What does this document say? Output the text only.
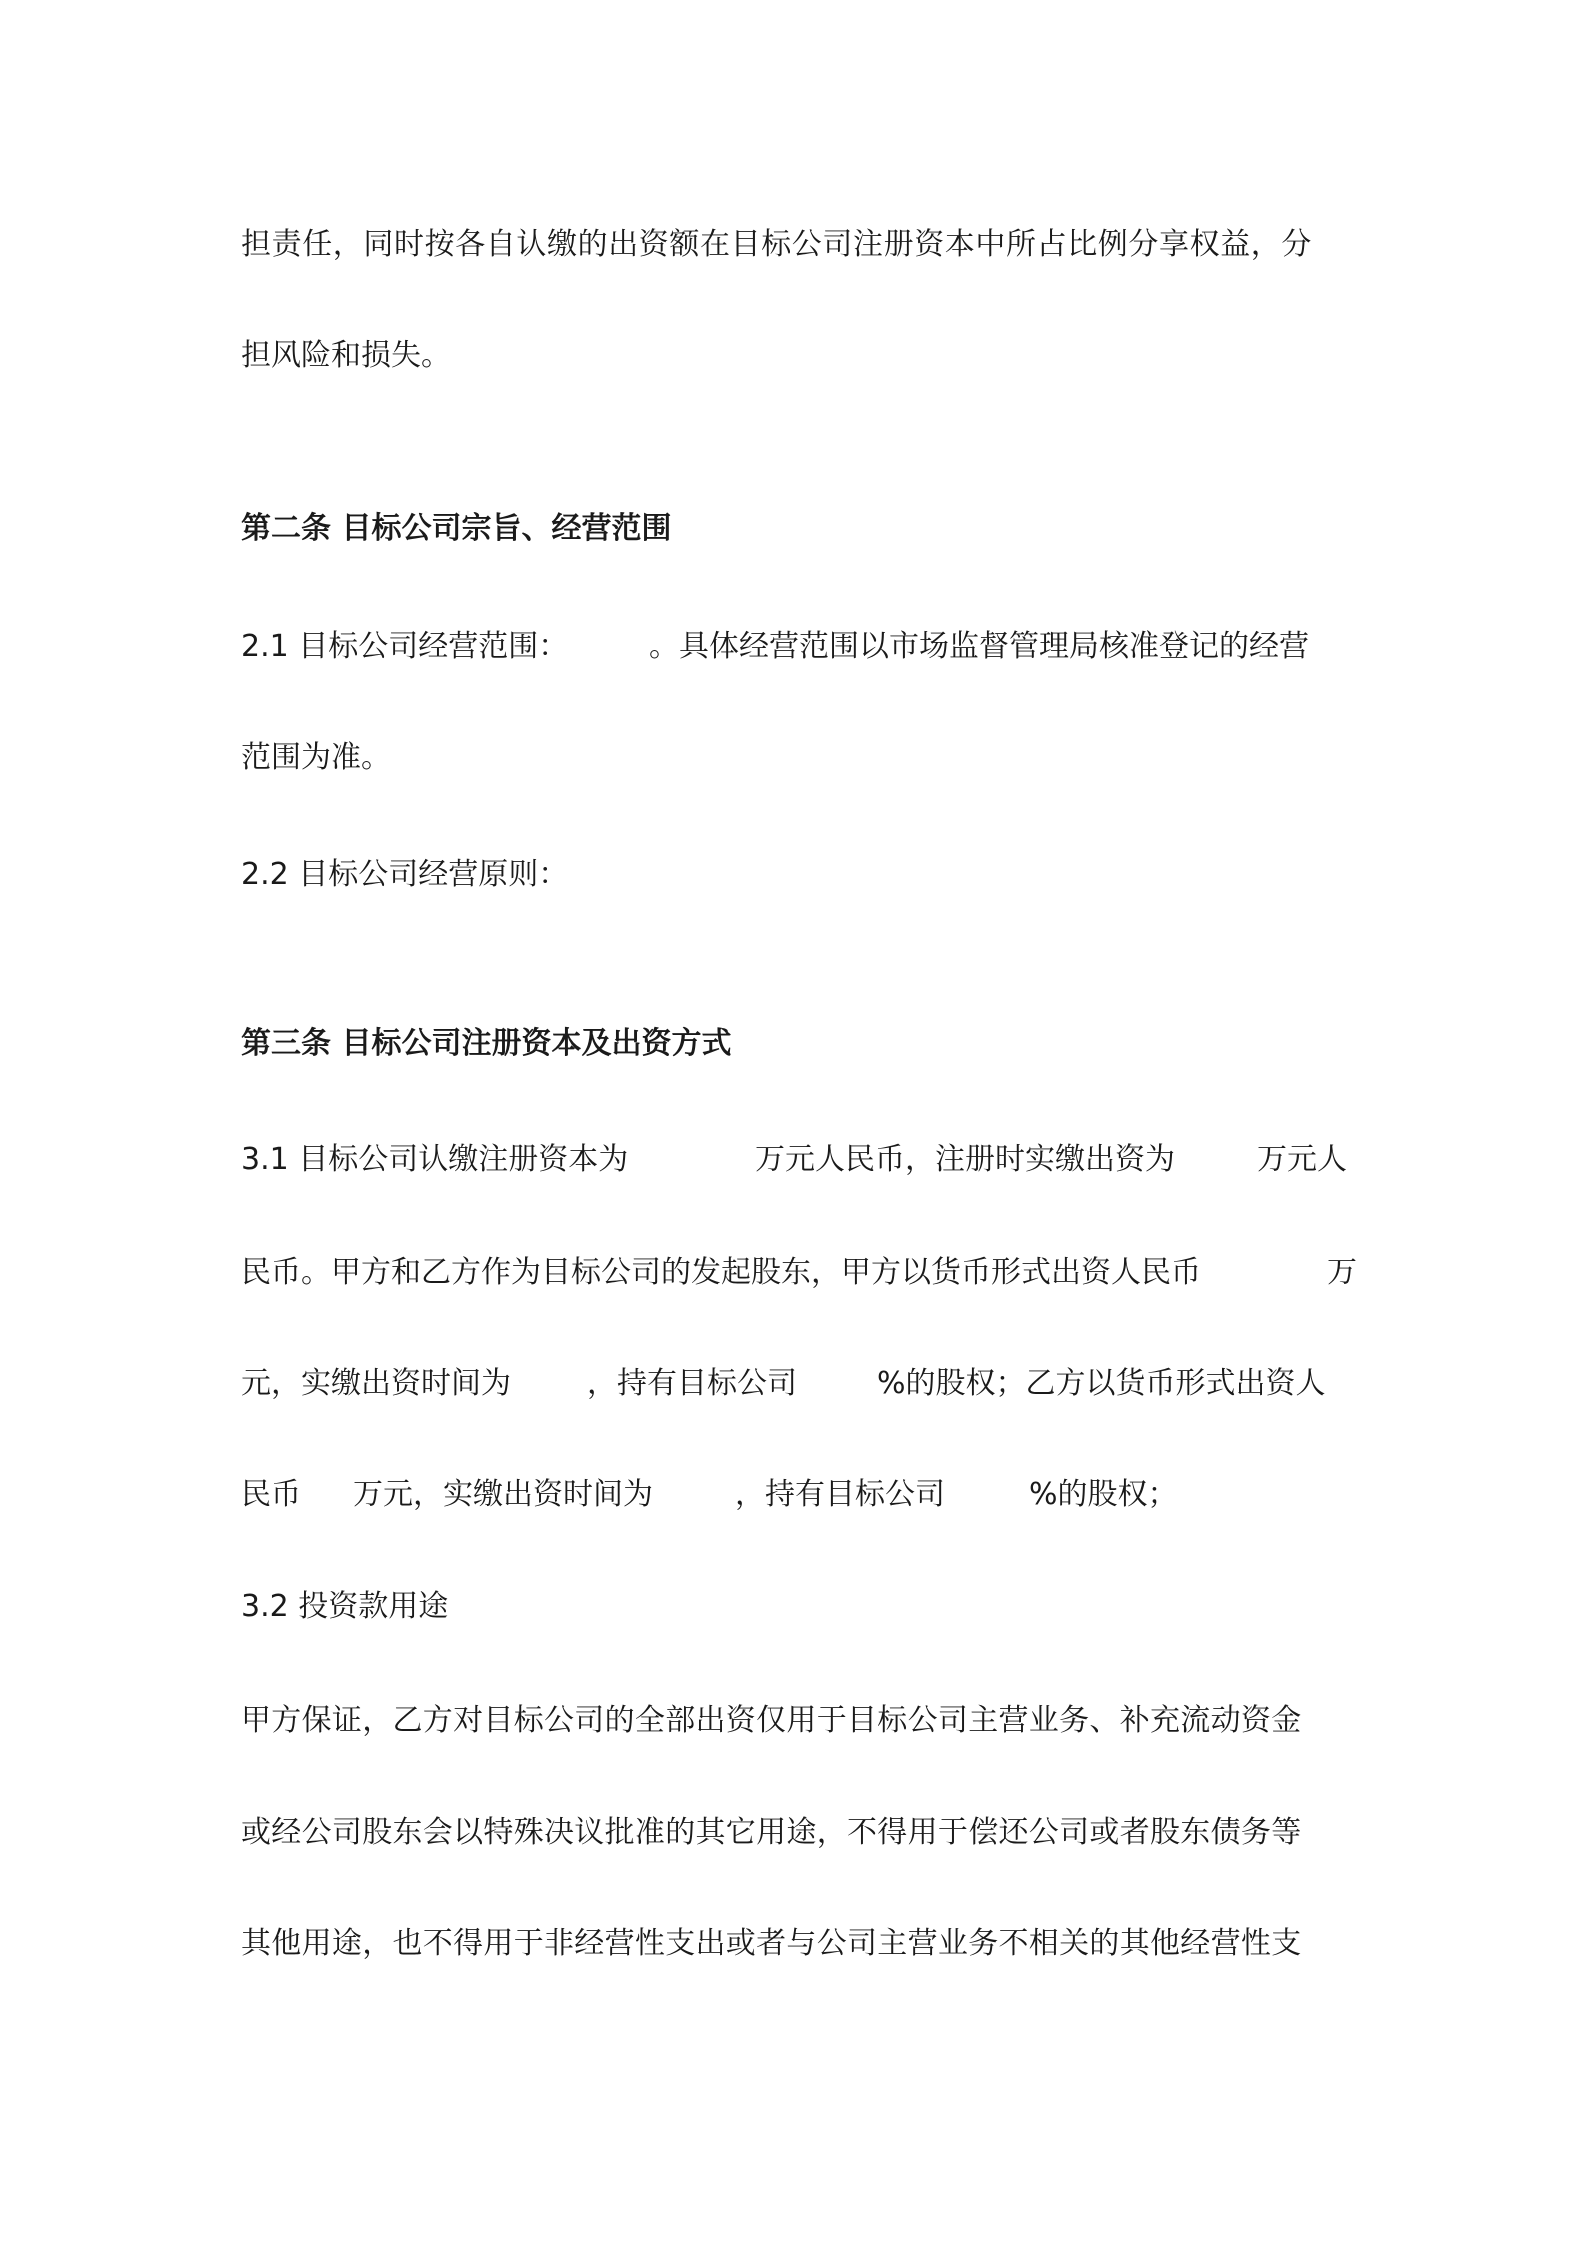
担责任，同时按各自认缴的出资额在目标公司注册资本中所占比例分享权益，分
担风险和损失。
第二条 目标公司宗旨、经营范围
2.1 目标公司经营范围：	。具体经营范围以市场监督管理局核准登记的经营
范围为准。
2.2 目标公司经营原则：
第三条 目标公司注册资本及出资方式
3.1 目标公司认缴注册资本为	万元人民币，注册时实缴出资为	万元人
民币。甲方和乙方作为目标公司的发起股东，甲方以货币形式出资人民币	万
元，实缴出资时间为	，持有目标公司	%的股权；乙方以货币形式出资人
民币 万元，实缴出资时间为	，持有目标公司	%的股权；
3.2 投资款用途
甲方保证，乙方对目标公司的全部出资仅用于目标公司主营业务、补充流动资金
或经公司股东会以特殊决议批准的其它用途，不得用于偿还公司或者股东债务等
其他用途，也不得用于非经营性支出或者与公司主营业务不相关的其他经营性支
